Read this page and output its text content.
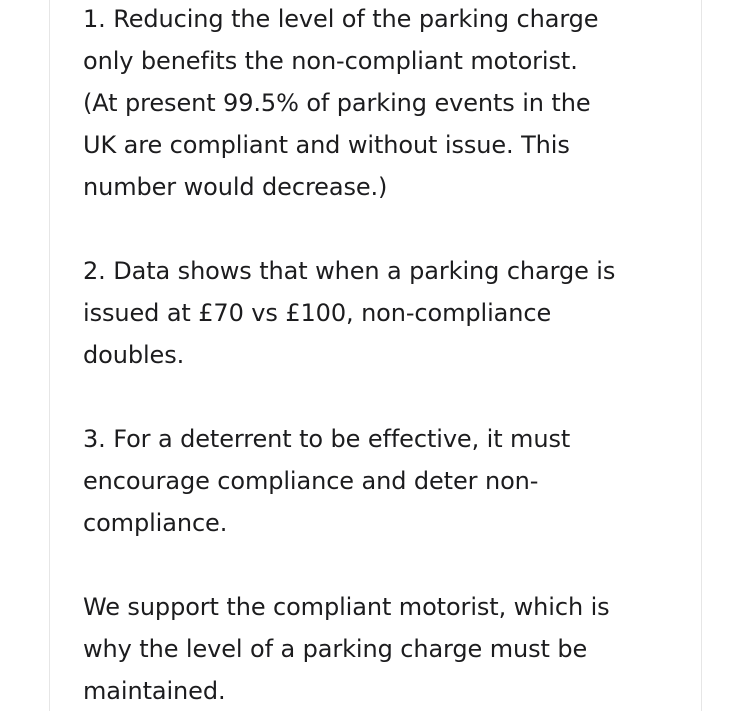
1. Reducing the level of the parking charge
only benefits the non-compliant motorist.
(At present 99.5% of parking events in the
UK are compliant and without issue. This
number would decrease.)

2. Data shows that when a parking charge is
issued at £70 vs £100, non-compliance
doubles.

3. For a deterrent to be effective, it must
encourage compliance and deter non-
compliance.

We support the compliant motorist, which is
why the level of a parking charge must be
maintained.
